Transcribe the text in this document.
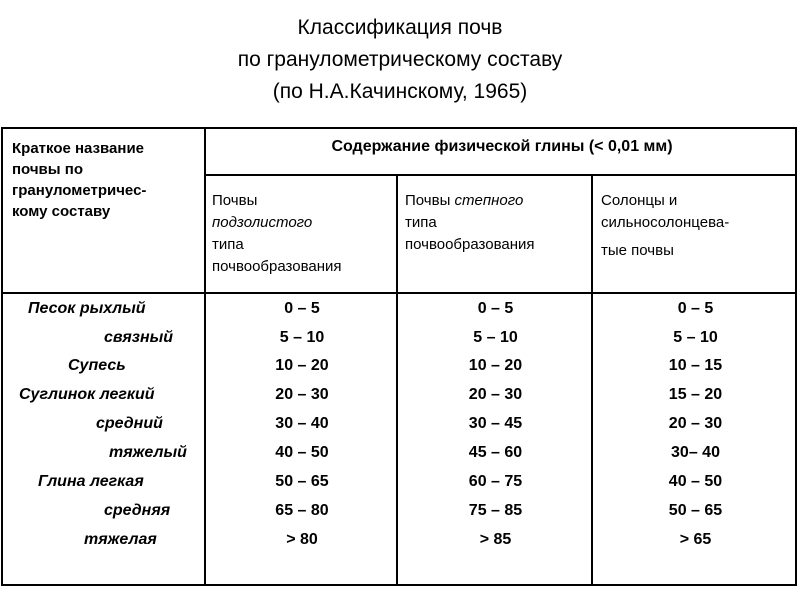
Классификация почв
по гранулометрическому составу
(по Н.А.Качинскому, 1965)
Краткое название
почвы по
гранулометричес-
кому составу
Содержание физической глины (< 0,01 мм)
Почвы
подзолистого
типа
почвообразования
Почвы степного
типа
почвообразования
Солонцы и
сильносолонцева-
тые почвы
Песок рыхлый
связный
Супесь
Суглинок легкий
средний
тяжелый
Глина легкая
средняя
тяжелая
0 – 5
5 – 10
10 – 20
20 – 30
30 – 40
40 – 50
50 – 65
65 – 80
> 80
0 – 5
5 – 10
10 – 20
20 – 30
30 – 45
45 – 60
60 – 75
75 – 85
> 85
0 – 5
5 – 10
10 – 15
15 – 20
20 – 30
30– 40
40 – 50
50 – 65
> 65
